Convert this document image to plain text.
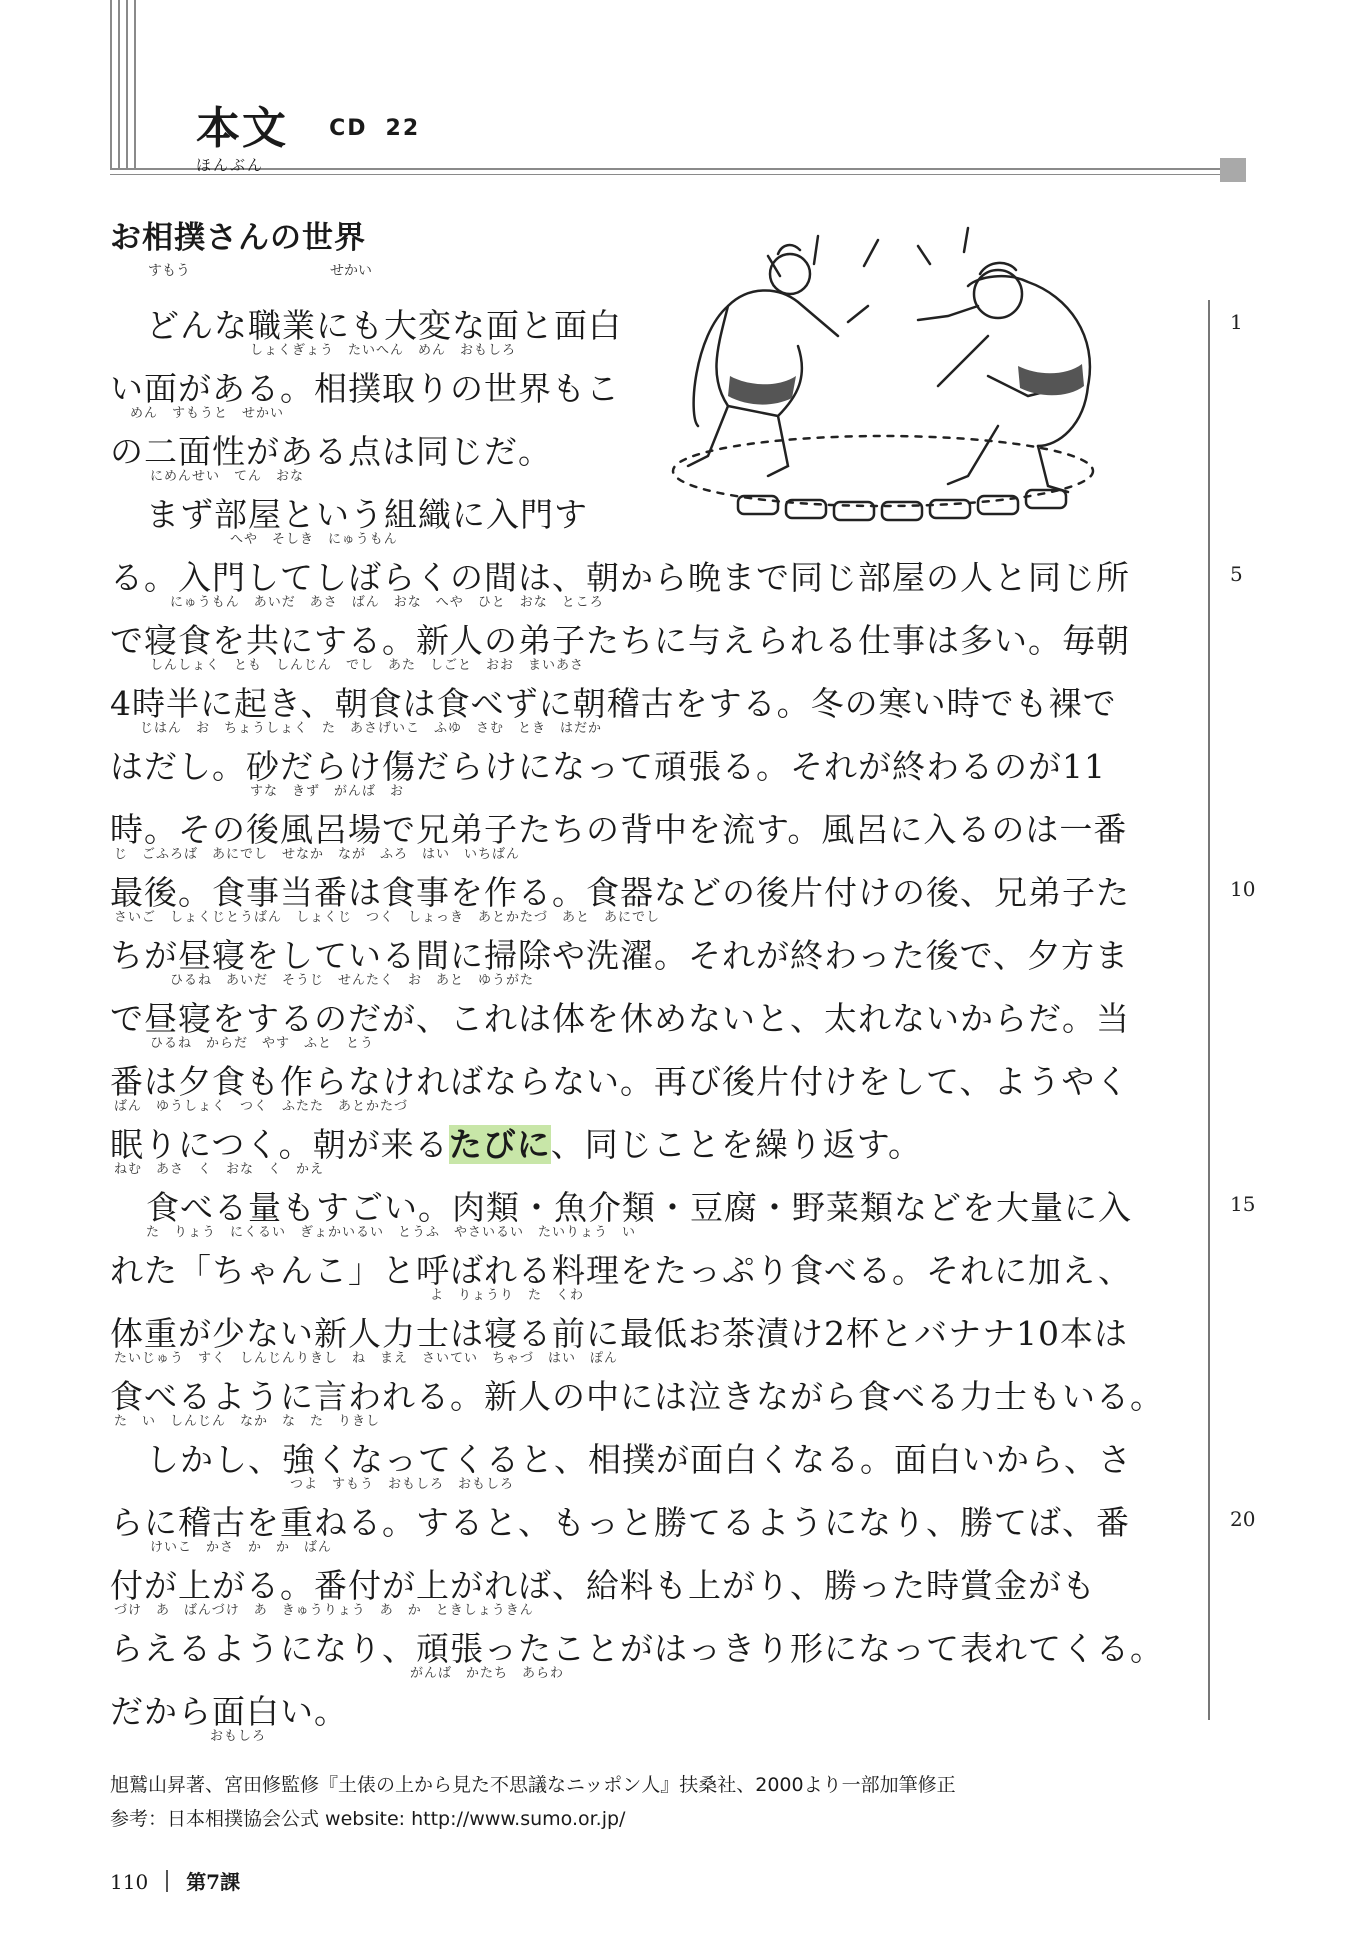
本文 CD 22
ほんぶん
お相撲さんの世界
すもう	せかい
どんな職業にも大変な面と面白
しょくぎょう　たいへん　めん　おもしろ
い面がある。相撲取りの世界もこ
めん　すもうと　せかい
の二面性がある点は同じだ。
にめんせい　てん　おな
まず部屋という組織に入門す
へや　そしき　にゅうもん
る。入門してしばらくの間は、朝から晩まで同じ部屋の人と同じ所
にゅうもん　あいだ　あさ　ばん　おな　へや　ひと　おな　ところ
で寝食を共にする。新人の弟子たちに与えられる仕事は多い。毎朝
しんしょく　とも　しんじん　でし　あた　しごと　おお　まいあさ
4時半に起き、朝食は食べずに朝稽古をする。冬の寒い時でも裸で
じはん　お　ちょうしょく　た　あさげいこ　ふゆ　さむ　とき　はだか
はだし。砂だらけ傷だらけになって頑張る。それが終わるのが11
すな　きず　がんば　お
時。その後風呂場で兄弟子たちの背中を流す。風呂に入るのは一番
じ　ごふろば　あにでし　せなか　なが　ふろ　はい　いちばん
最後。食事当番は食事を作る。食器などの後片付けの後、兄弟子た
さいご　しょくじとうばん　しょくじ　つく　しょっき　あとかたづ　あと　あにでし
ちが昼寝をしている間に掃除や洗濯。それが終わった後で、夕方ま
ひるね　あいだ　そうじ　せんたく　お　あと　ゆうがた
で昼寝をするのだが、これは体を休めないと、太れないからだ。当
ひるね　からだ　やす　ふと　とう
番は夕食も作らなければならない。再び後片付けをして、ようやく
ばん　ゆうしょく　つく　ふたた　あとかたづ
眠りにつく。朝が来るたびに、同じことを繰り返す。
ねむ　あさ　く　おな　く　かえ
食べる量もすごい。肉類・魚介類・豆腐・野菜類などを大量に入
た　りょう　にくるい　ぎょかいるい　とうふ　やさいるい　たいりょう　い
れた「ちゃんこ」と呼ばれる料理をたっぷり食べる。それに加え、
よ　りょうり　た　くわ
体重が少ない新人力士は寝る前に最低お茶漬け2杯とバナナ10本は
たいじゅう　すく　しんじんりきし　ね　まえ　さいてい　ちゃづ　はい　ぽん
食べるように言われる。新人の中には泣きながら食べる力士もいる。
た　い　しんじん　なか　な　た　りきし
しかし、強くなってくると、相撲が面白くなる。面白いから、さ
つよ　すもう　おもしろ　おもしろ
らに稽古を重ねる。すると、もっと勝てるようになり、勝てば、番
けいこ　かさ　か　か　ばん
付が上がる。番付が上がれば、給料も上がり、勝った時賞金がも
づけ　あ　ばんづけ　あ　きゅうりょう　あ　か　ときしょうきん
らえるようになり、頑張ったことがはっきり形になって表れてくる。
がんば　かたち　あらわ
だから面白い。
おもしろ
1
5
10
15
20
旭鷲山昇著、宮田修監修『土俵の上から見た不思議なニッポン人』扶桑社、2000より一部加筆修正
参考：日本相撲協会公式 website: http://www.sumo.or.jp/
110 第7課
